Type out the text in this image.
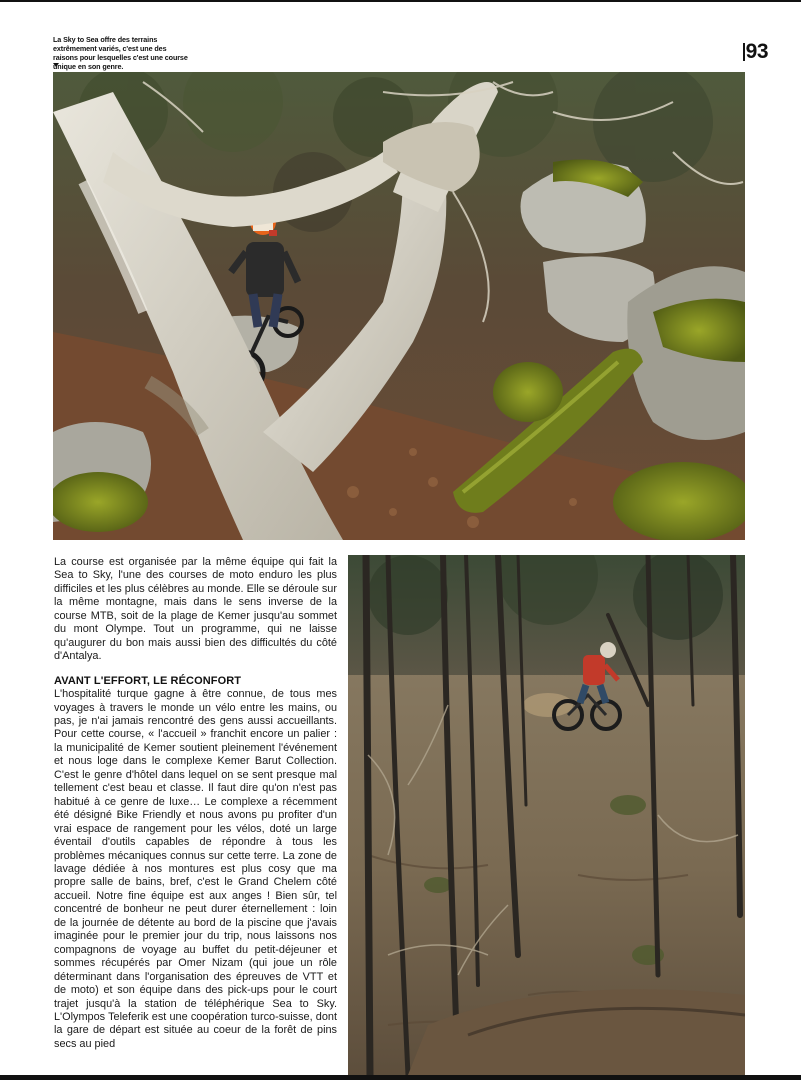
La Sky to Sea offre des terrains extrêmement variés, c'est une des raisons pour lesquelles c'est une course unique en son genre.
93

La course est organisée par la même équipe qui fait la Sea to Sky, l'une des courses de moto enduro les plus difficiles et les plus célèbres au monde. Elle se déroule sur la même montagne, mais dans le sens inverse de la course MTB, soit de la plage de Kemer jusqu'au sommet du mont Olympe. Tout un programme, qui ne laisse qu'augurer du bon mais aussi bien des difficultés du côté d'Antalya.

AVANT L'EFFORT, LE RÉCONFORT

L'hospitalité turque gagne à être connue, de tous mes voyages à travers le monde un vélo entre les mains, ou pas, je n'ai jamais rencontré des gens aussi accueillants. Pour cette course, « l'accueil » franchit encore un palier : la municipalité de Kemer soutient pleinement l'événement et nous loge dans le complexe Kemer Barut Collection. C'est le genre d'hôtel dans lequel on se sent presque mal tellement c'est beau et classe. Il faut dire qu'on n'est pas habitué à ce genre de luxe… Le complexe a récemment été désigné Bike Friendly et nous avons pu profiter d'un vrai espace de rangement pour les vélos, doté un large éventail d'outils capables de répondre à tous les problèmes mécaniques connus sur cette terre. La zone de lavage dédiée à nos montures est plus cosy que ma propre salle de bains, bref, c'est le Grand Chelem côté accueil. Notre fine équipe est aux anges ! Bien sûr, tel concentré de bonheur ne peut durer éternellement : loin de la journée de détente au bord de la piscine que j'avais imaginée pour le premier jour du trip, nous laissons nos compagnons de voyage au buffet du petit-déjeuner et sommes récupérés par Omer Nizam (qui joue un rôle déterminant dans l'organisation des épreuves de VTT et de moto) et son équipe dans des pick-ups pour le court trajet jusqu'à la station de téléphérique Sea to Sky. L'Olympos Teleferik est une coopération turco-suisse, dont la gare de départ est située au coeur de la forêt de pins secs au pied
